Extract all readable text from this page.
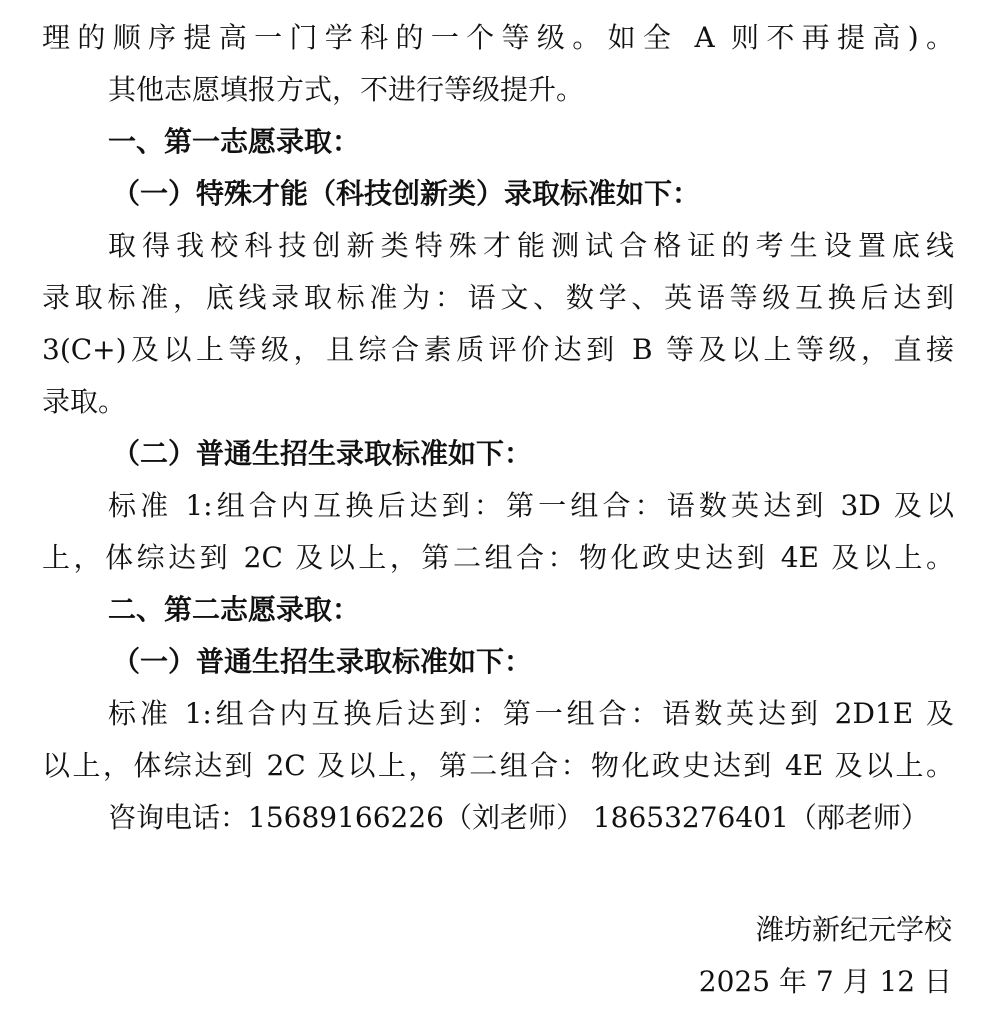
理的顺序提高一门学科的一个等级。如全 A 则不再提高)。
其他志愿填报方式，不进行等级提升。
一、第一志愿录取：
（一）特殊才能（科技创新类）录取标准如下：
取得我校科技创新类特殊才能测试合格证的考生设置底线
录取标准，底线录取标准为：语文、数学、英语等级互换后达到
3(C+)及以上等级，且综合素质评价达到 B 等及以上等级，直接
录取。
（二）普通生招生录取标准如下：
标准 1:组合内互换后达到：第一组合：语数英达到 3D 及以
上，体综达到 2C 及以上，第二组合：物化政史达到 4E 及以上。
二、第二志愿录取：
（一）普通生招生录取标准如下：
标准 1:组合内互换后达到：第一组合：语数英达到 2D1E 及
以上，体综达到 2C 及以上，第二组合：物化政史达到 4E 及以上。
咨询电话：15689166226（刘老师） 18653276401（邴老师）
潍坊新纪元学校
2025 年 7 月 12 日
